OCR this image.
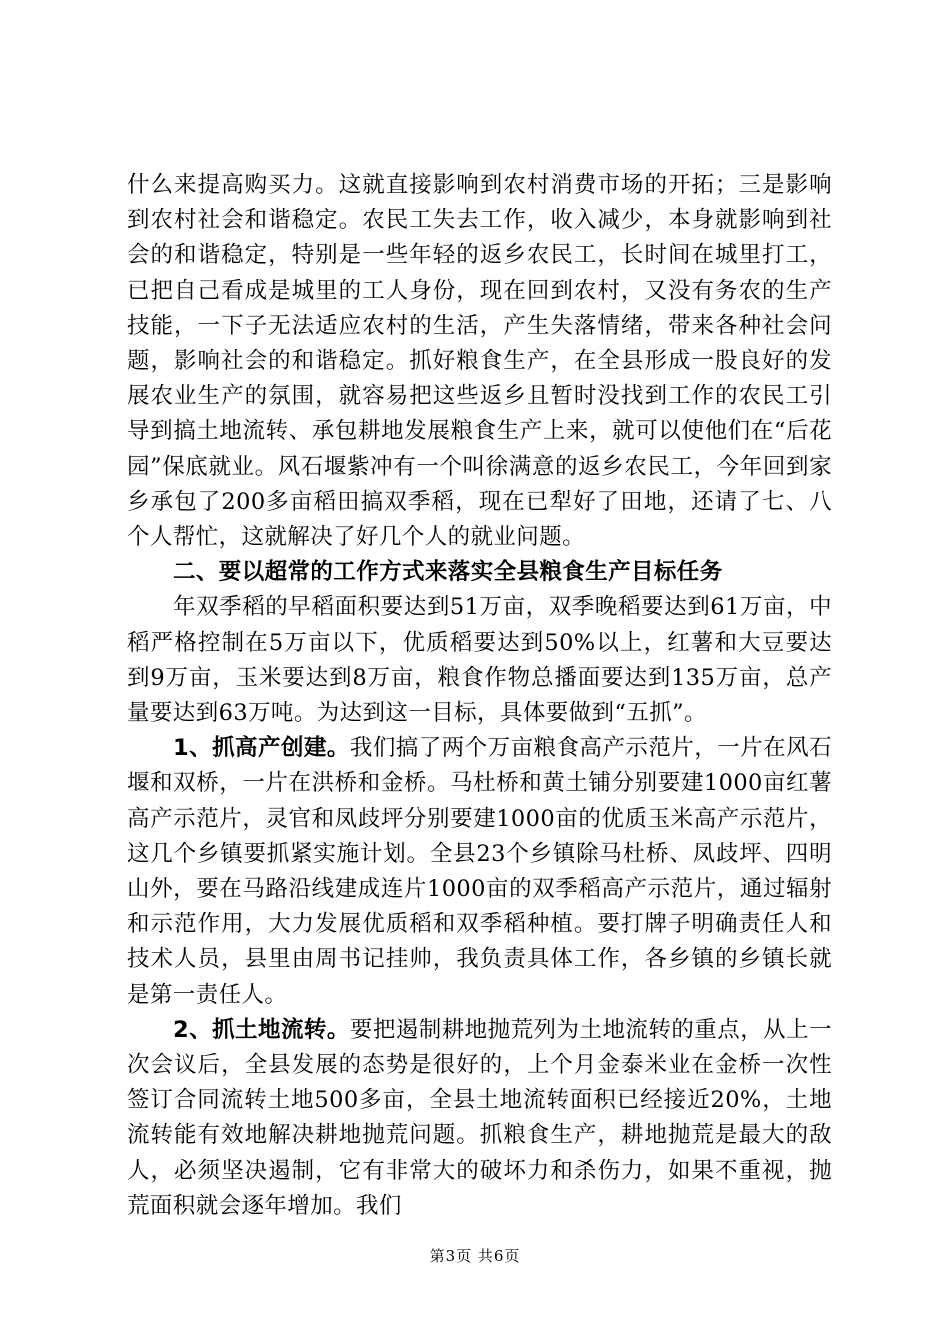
什么来提高购买力。这就直接影响到农村消费市场的开拓；三是影响到农村社会和谐稳定。农民工失去工作，收入减少，本身就影响到社会的和谐稳定，特别是一些年轻的返乡农民工，长时间在城里打工，已把自己看成是城里的工人身份，现在回到农村，又没有务农的生产技能，一下子无法适应农村的生活，产生失落情绪，带来各种社会问题，影响社会的和谐稳定。抓好粮食生产，在全县形成一股良好的发展农业生产的氛围，就容易把这些返乡且暂时没找到工作的农民工引导到搞土地流转、承包耕地发展粮食生产上来，就可以使他们在“后花园”保底就业。风石堰紫冲有一个叫徐满意的返乡农民工，今年回到家乡承包了200多亩稻田搞双季稻，现在已犁好了田地，还请了七、八个人帮忙，这就解决了好几个人的就业问题。

二、要以超常的工作方式来落实全县粮食生产目标任务

年双季稻的早稻面积要达到51万亩，双季晚稻要达到61万亩，中稻严格控制在5万亩以下，优质稻要达到50%以上，红薯和大豆要达到9万亩，玉米要达到8万亩，粮食作物总播面要达到135万亩，总产量要达到63万吨。为达到这一目标，具体要做到“五抓”。

1、抓高产创建。我们搞了两个万亩粮食高产示范片，一片在风石堰和双桥，一片在洪桥和金桥。马杜桥和黄土铺分别要建1000亩红薯高产示范片，灵官和凤歧坪分别要建1000亩的优质玉米高产示范片，这几个乡镇要抓紧实施计划。全县23个乡镇除马杜桥、凤歧坪、四明山外，要在马路沿线建成连片1000亩的双季稻高产示范片，通过辐射和示范作用，大力发展优质稻和双季稻种植。要打牌子明确责任人和技术人员，县里由周书记挂帅，我负责具体工作，各乡镇的乡镇长就是第一责任人。

2、抓土地流转。要把遏制耕地抛荒列为土地流转的重点，从上一次会议后，全县发展的态势是很好的，上个月金泰米业在金桥一次性签订合同流转土地500多亩，全县土地流转面积已经接近20%，土地流转能有效地解决耕地抛荒问题。抓粮食生产，耕地抛荒是最大的敌人，必须坚决遏制，它有非常大的破坏力和杀伤力，如果不重视，抛荒面积就会逐年增加。我们

第3页 共6页
